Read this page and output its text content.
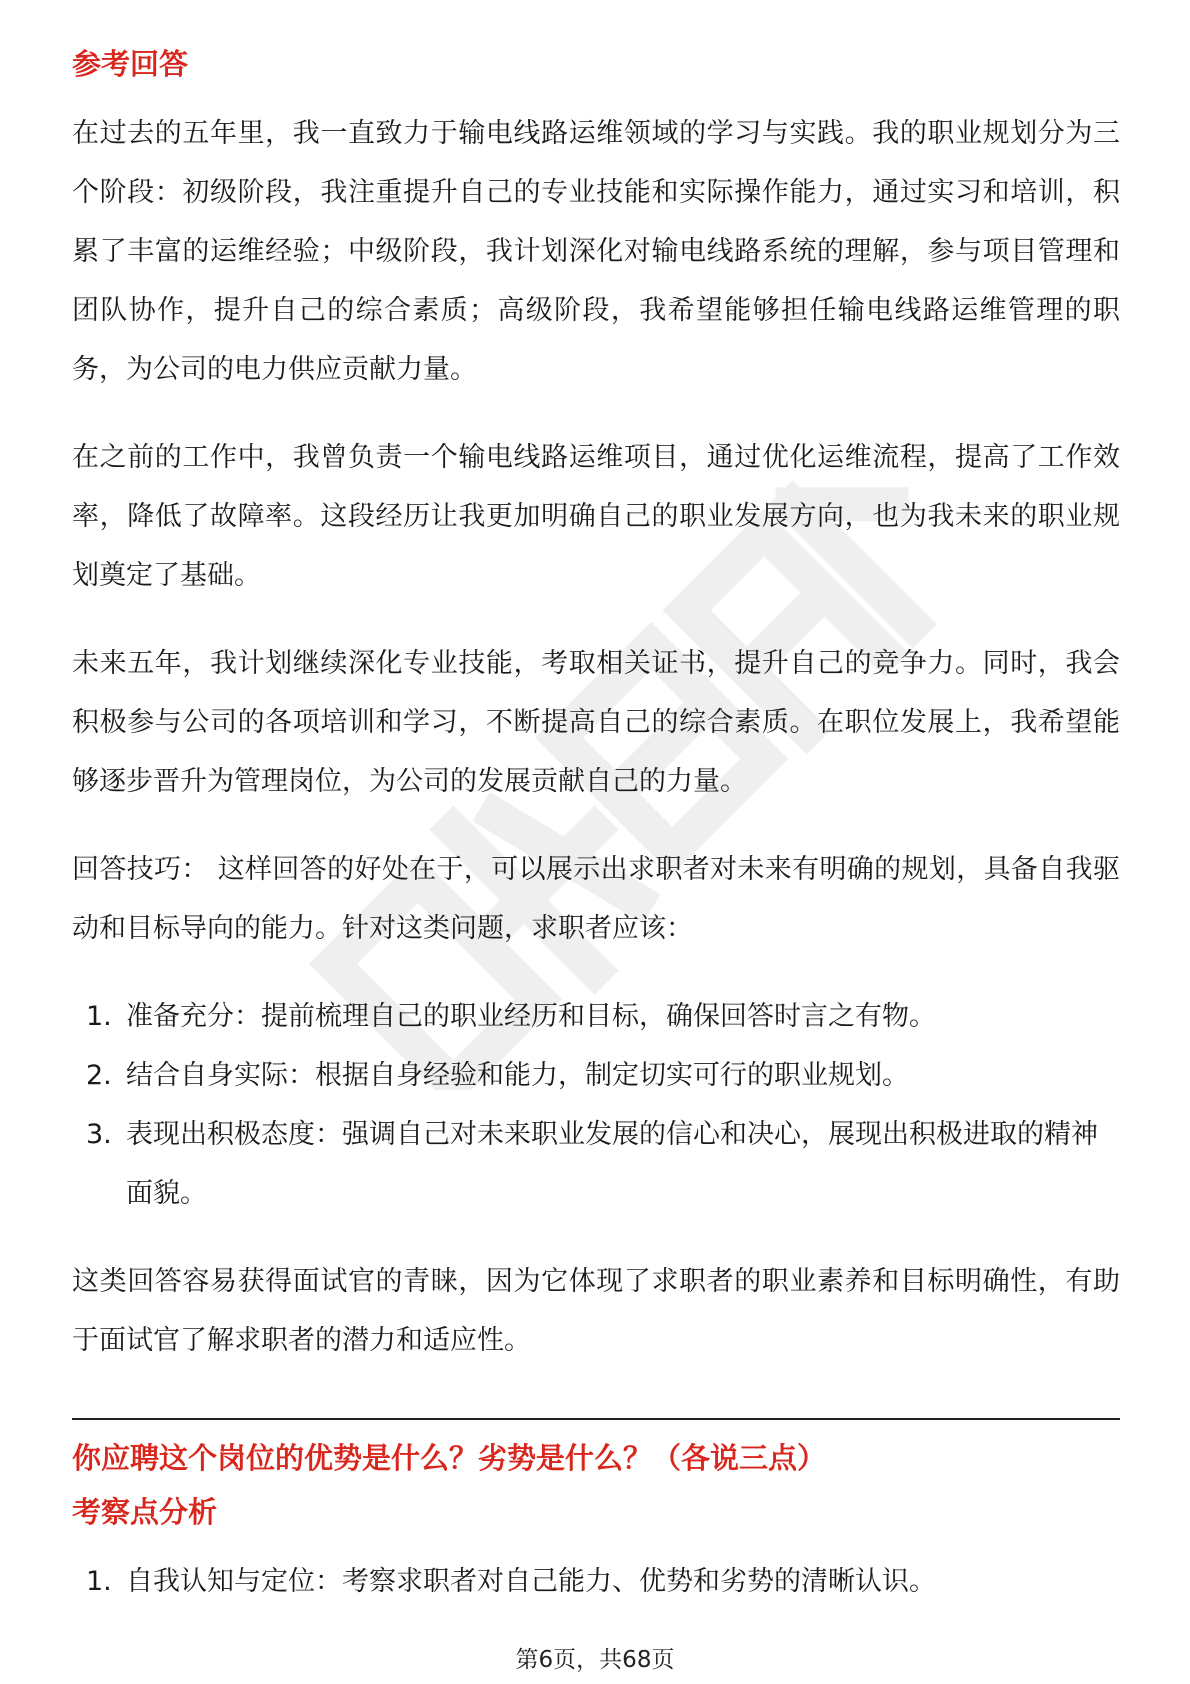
参考回答

在过去的五年里，我一直致力于输电线路运维领域的学习与实践。我的职业规划分为三个阶段：初级阶段，我注重提升自己的专业技能和实际操作能力，通过实习和培训，积累了丰富的运维经验；中级阶段，我计划深化对输电线路系统的理解，参与项目管理和团队协作，提升自己的综合素质；高级阶段，我希望能够担任输电线路运维管理的职务，为公司的电力供应贡献力量。

在之前的工作中，我曾负责一个输电线路运维项目，通过优化运维流程，提高了工作效率，降低了故障率。这段经历让我更加明确自己的职业发展方向，也为我未来的职业规划奠定了基础。

未来五年，我计划继续深化专业技能，考取相关证书，提升自己的竞争力。同时，我会积极参与公司的各项培训和学习，不断提高自己的综合素质。在职位发展上，我希望能够逐步晋升为管理岗位，为公司的发展贡献自己的力量。

回答技巧： 这样回答的好处在于，可以展示出求职者对未来有明确的规划，具备自我驱动和目标导向的能力。针对这类问题，求职者应该：

1. 准备充分：提前梳理自己的职业经历和目标，确保回答时言之有物。
2. 结合自身实际：根据自身经验和能力，制定切实可行的职业规划。
3. 表现出积极态度：强调自己对未来职业发展的信心和决心，展现出积极进取的精神面貌。

这类回答容易获得面试官的青睐，因为它体现了求职者的职业素养和目标明确性，有助于面试官了解求职者的潜力和适应性。

你应聘这个岗位的优势是什么？劣势是什么？（各说三点）
考察点分析
1. 自我认知与定位：考察求职者对自己能力、优势和劣势的清晰认识。
第6页，共68页
